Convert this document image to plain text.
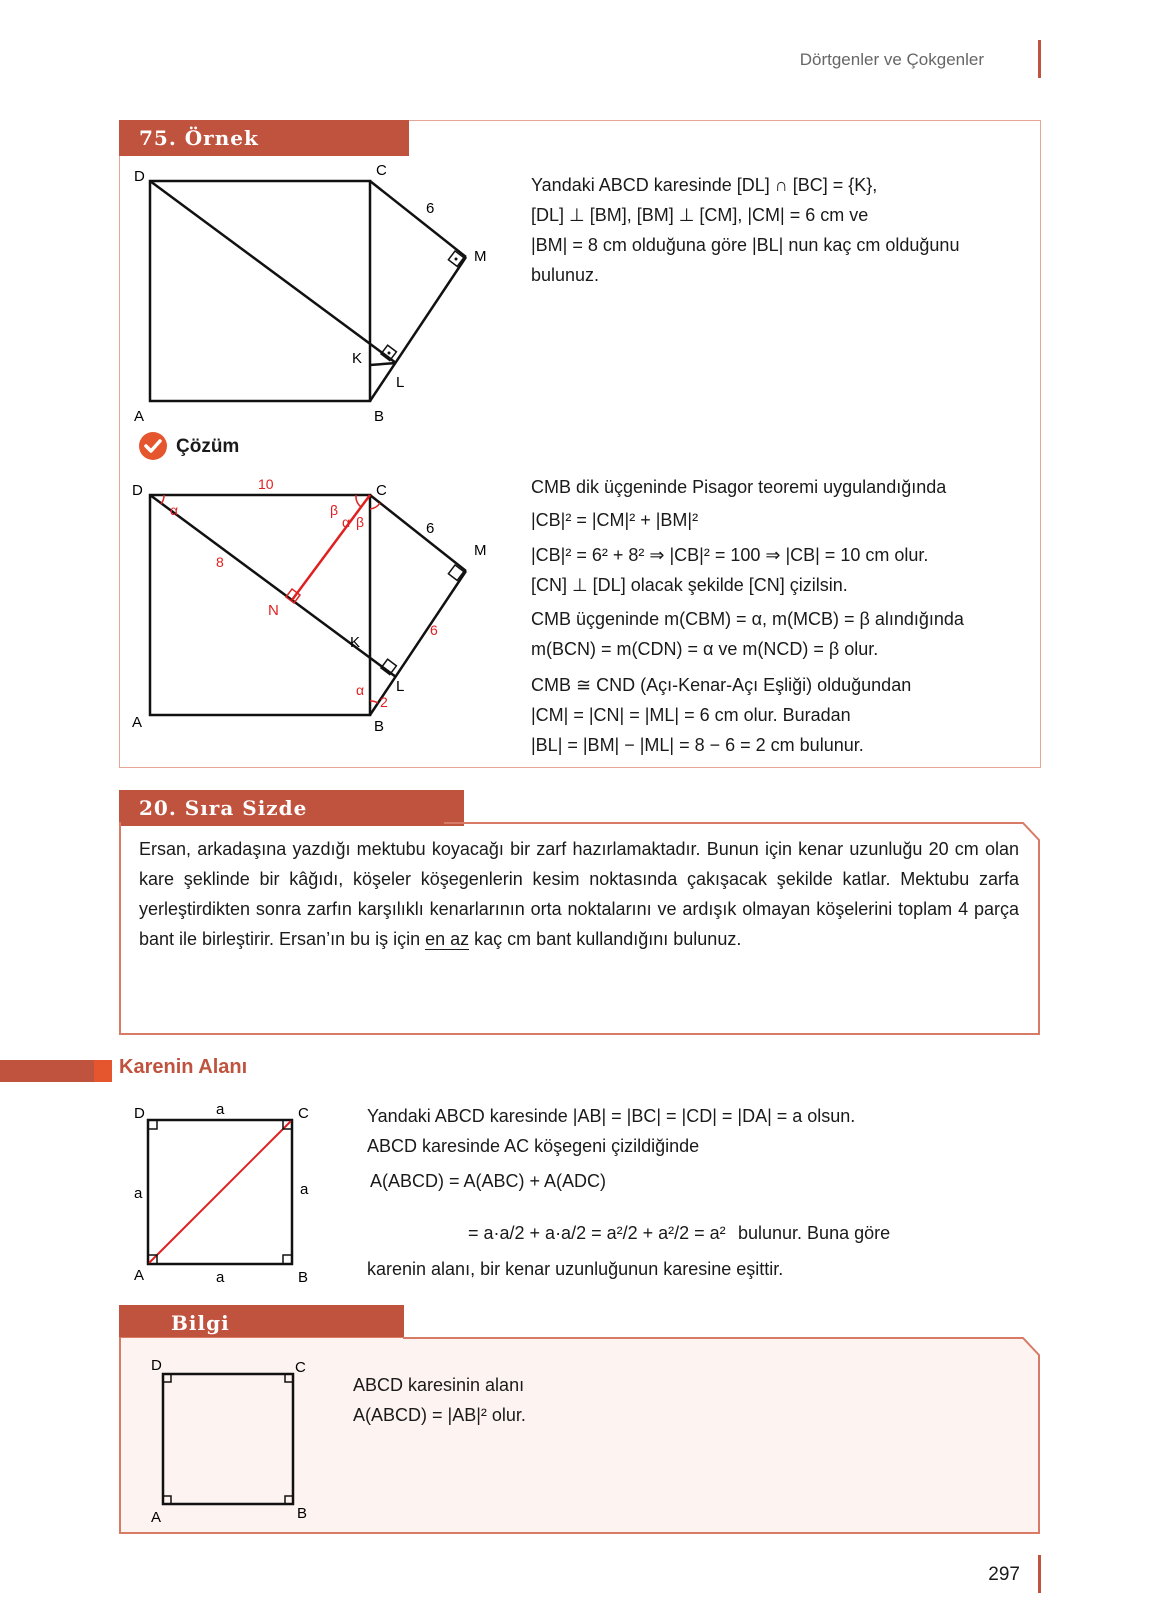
Dörtgenler ve Çokgenler
75. Örnek
D	C
A	B
M
K
L
6
Yandaki ABCD karesinde [DL] ∩ [BC] = {K},
[DL] ⊥ [BM], [BM] ⊥ [CM], |CM| = 6 cm ve
|BM| = 8 cm olduğuna göre |BL| nun kaç cm olduğunu
bulunuz.
Çözüm
D	C
A	B
M
K
L
N
10
8
6
6
2
α	β
α β
α
CMB dik üçgeninde Pisagor teoremi uygulandığında
|CB|² = |CM|² + |BM|²
|CB|² = 6² + 8² ⇒ |CB|² = 100 ⇒ |CB| = 10 cm olur.
[CN] ⊥ [DL] olacak şekilde [CN] çizilsin.
CMB üçgeninde m(CBM) = α, m(MCB) = β alındığında
m(BCN) = m(CDN) = α ve m(NCD) = β olur.
CMB ≅ CND (Açı-Kenar-Açı Eşliği) olduğundan
|CM| = |CN| = |ML| = 6 cm olur. Buradan
|BL| = |BM| − |ML| = 8 − 6 = 2 cm bulunur.
20. Sıra Sizde
Ersan, arkadaşına yazdığı mektubu koyacağı bir zarf hazırlamaktadır. Bunun için kenar uzunluğu 20 cm olan kare şeklinde bir kâğıdı, köşeler köşegenlerin kesim noktasında çakışacak şekilde katlar. Mektubu zarfa yerleştirdikten sonra zarfın karşılıklı kenarlarının orta noktalarını ve ardışık olmayan köşelerini toplam 4 parça bant ile birleştirir. Ersan’ın bu iş için en az kaç cm bant kullandığını bulunuz.
Karenin Alanı
D	C
A	B
a
a
a	a
Yandaki ABCD karesinde |AB| = |BC| = |CD| = |DA| = a olsun.
ABCD karesinde AC köşegeni çizildiğinde
A(ABCD) = A(ABC) + A(ADC)
= a·a/2 + a·a/2 = a²/2 + a²/2 = a² bulunur. Buna göre
karenin alanı, bir kenar uzunluğunun karesine eşittir.
Bilgi
D	C
A	B
ABCD karesinin alanı
A(ABCD) = |AB|² olur.
297
